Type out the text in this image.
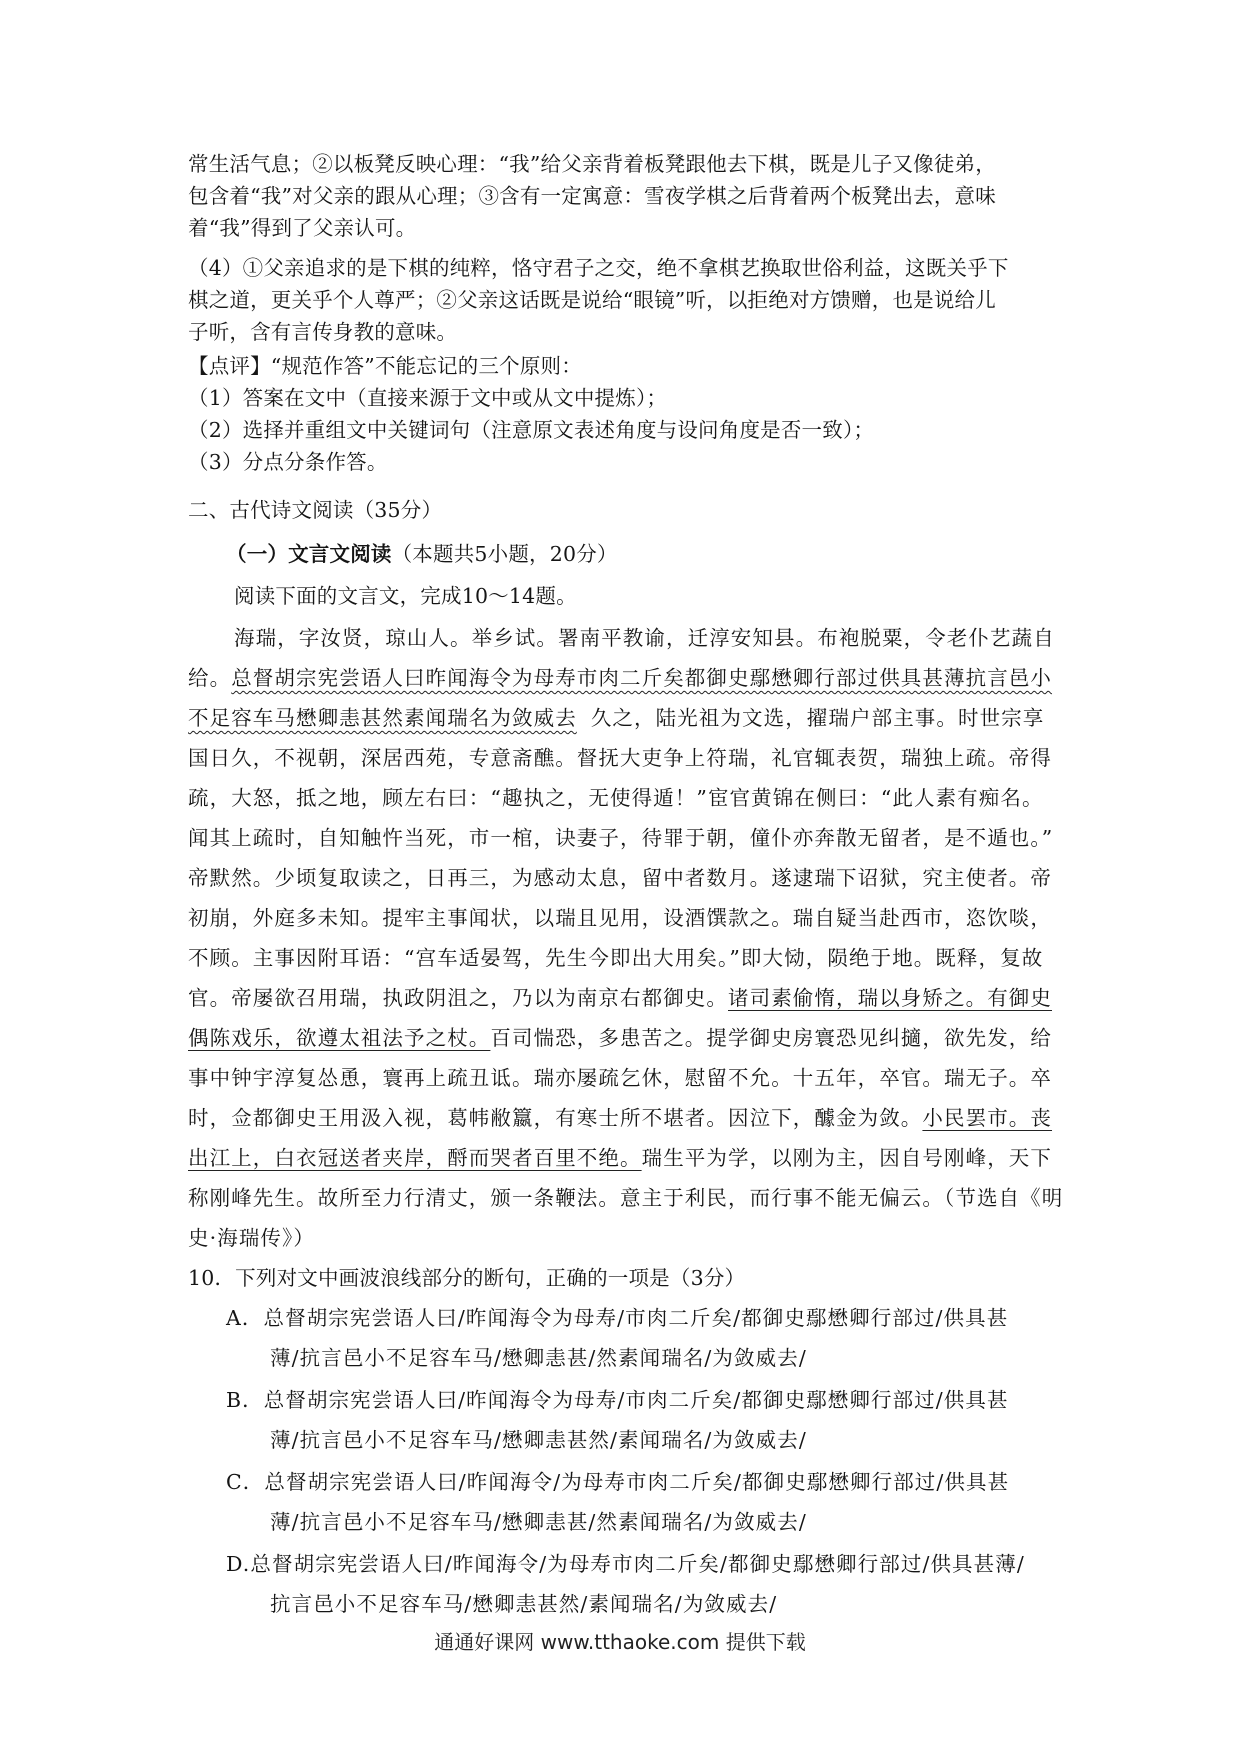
常生活气息；②以板凳反映心理：“我”给父亲背着板凳跟他去下棋，既是儿子又像徒弟，
包含着“我”对父亲的跟从心理；③含有一定寓意：雪夜学棋之后背着两个板凳出去，意味
着“我”得到了父亲认可。
（4）①父亲追求的是下棋的纯粹，恪守君子之交，绝不拿棋艺换取世俗利益，这既关乎下
棋之道，更关乎个人尊严；②父亲这话既是说给“眼镜”听，以拒绝对方馈赠，也是说给儿
子听，含有言传身教的意味。
【点评】“规范作答”不能忘记的三个原则：
（1）答案在文中（直接来源于文中或从文中提炼）；
（2）选择并重组文中关键词句（注意原文表述角度与设问角度是否一致）；
（3）分点分条作答。
二、古代诗文阅读（35分）
（一）文言文阅读（本题共5小题，20分）
阅读下面的文言文，完成10～14题。
海瑞，字汝贤，琼山人。举乡试。署南平教谕，迁淳安知县。布袍脱粟，令老仆艺蔬自
给。总督胡宗宪尝语人曰昨闻海令为母寿市肉二斤矣都御史鄢懋卿行部过供具甚薄抗言邑小
不足容车马懋卿恚甚然素闻瑞名为敛威去 久之，陆光祖为文选，擢瑞户部主事。时世宗享
国日久，不视朝，深居西苑，专意斋醮。督抚大吏争上符瑞，礼官辄表贺，瑞独上疏。帝得
疏，大怒，抵之地，顾左右曰：“趣执之，无使得遁！”宦官黄锦在侧曰：“此人素有痴名。
闻其上疏时，自知触忤当死，市一棺，诀妻子，待罪于朝，僮仆亦奔散无留者，是不遁也。”
帝默然。少顷复取读之，日再三，为感动太息，留中者数月。遂逮瑞下诏狱，究主使者。帝
初崩，外庭多未知。提牢主事闻状，以瑞且见用，设酒馔款之。瑞自疑当赴西市，恣饮啖，
不顾。主事因附耳语：“宫车适晏驾，先生今即出大用矣。”即大恸，陨绝于地。既释，复故
官。帝屡欲召用瑞，执政阴沮之，乃以为南京右都御史。诸司素偷惰，瑞以身矫之。有御史
偶陈戏乐，欲遵太祖法予之杖。百司惴恐，多患苦之。提学御史房寰恐见纠擿，欲先发，给
事中钟宇淳复怂恿，寰再上疏丑诋。瑞亦屡疏乞休，慰留不允。十五年，卒官。瑞无子。卒
时，佥都御史王用汲入视，葛帏敝籝，有寒士所不堪者。因泣下，醵金为敛。小民罢市。丧
出江上，白衣冠送者夹岸，酹而哭者百里不绝。瑞生平为学，以刚为主，因自号刚峰，天下
称刚峰先生。故所至力行清丈，颁一条鞭法。意主于利民，而行事不能无偏云。（节选自《明
史·海瑞传》）
10．下列对文中画波浪线部分的断句，正确的一项是（3分）
A．总督胡宗宪尝语人曰/昨闻海令为母寿/市肉二斤矣/都御史鄢懋卿行部过/供具甚
薄/抗言邑小不足容车马/懋卿恚甚/然素闻瑞名/为敛威去/
B．总督胡宗宪尝语人曰/昨闻海令为母寿/市肉二斤矣/都御史鄢懋卿行部过/供具甚
薄/抗言邑小不足容车马/懋卿恚甚然/素闻瑞名/为敛威去/
C．总督胡宗宪尝语人曰/昨闻海令/为母寿市肉二斤矣/都御史鄢懋卿行部过/供具甚
薄/抗言邑小不足容车马/懋卿恚甚/然素闻瑞名/为敛威去/
D.总督胡宗宪尝语人曰/昨闻海令/为母寿市肉二斤矣/都御史鄢懋卿行部过/供具甚薄/
抗言邑小不足容车马/懋卿恚甚然/素闻瑞名/为敛威去/
通通好课网 www.tthaoke.com 提供下载
